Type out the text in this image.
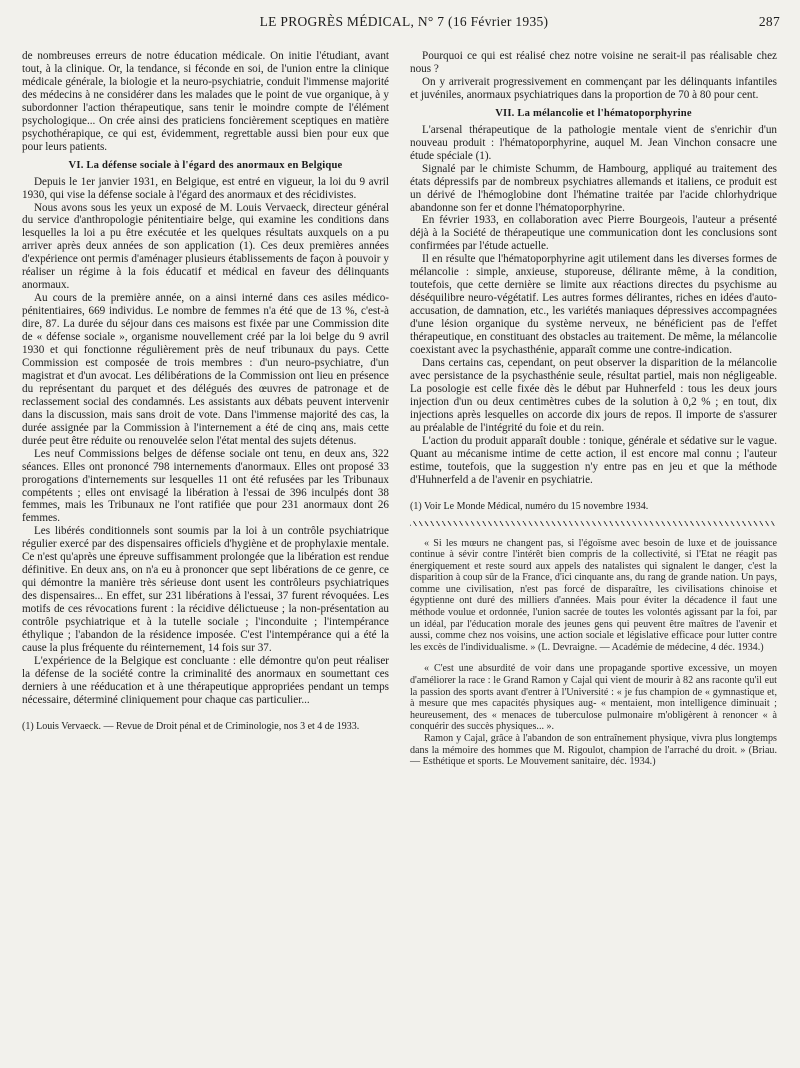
LE PROGRÈS MÉDICAL, N° 7 (16 Février 1935)	287

de nombreuses erreurs de notre éducation médicale. On initie l'étudiant, avant tout, à la clinique. Or, la tendance, si féconde en soi, de l'union entre la clinique médicale générale, la biologie et la neuro-psychiatrie, conduit l'immense majorité des médecins à ne considérer dans les malades que le point de vue organique, à y subordonner l'action thérapeutique, sans tenir le moindre compte de l'élément psychologique... On crée ainsi des praticiens foncièrement sceptiques en matière psychothérapique, ce qui est, évidemment, regrettable aussi bien pour eux que pour leurs patients.

VI. La défense sociale à l'égard des anormaux en Belgique

Depuis le 1er janvier 1931, en Belgique, est entré en vigueur, la loi du 9 avril 1930, qui vise la défense sociale à l'égard des anormaux et des récidivistes.

Nous avons sous les yeux un exposé de M. Louis Vervaeck, directeur général du service d'anthropologie pénitentiaire belge, qui examine les conditions dans lesquelles la loi a pu être exécutée et les quelques résultats auxquels on a pu arriver après deux années de son application (1). Ces deux premières années d'expérience ont permis d'aménager plusieurs établissements de façon à pouvoir y réaliser un régime à la fois éducatif et médical en faveur des délinquants anormaux.

Au cours de la première année, on a ainsi interné dans ces asiles médico-pénitentiaires, 669 individus. Le nombre de femmes n'a été que de 13 %, c'est-à dire, 87. La durée du séjour dans ces maisons est fixée par une Commission dite de « défense sociale », organisme nouvellement créé par la loi belge du 9 avril 1930 et qui fonctionne régulièrement près de neuf tribunaux du pays. Cette Commission est composée de trois membres : d'un neuro-psychiatre, d'un magistrat et d'un avocat. Les délibérations de la Commission ont lieu en présence du représentant du parquet et des délégués des œuvres de patronage et de reclassement social des condamnés. Les assistants aux débats peuvent intervenir dans la discussion, mais sans droit de vote. Dans l'immense majorité des cas, la durée assignée par la Commission à l'internement a été de cinq ans, mais cette durée peut être réduite ou renouvelée selon l'état mental des sujets détenus.

Les neuf Commissions belges de défense sociale ont tenu, en deux ans, 322 séances. Elles ont prononcé 798 internements d'anormaux. Elles ont proposé 33 prorogations d'internements sur lesquelles 11 ont été refusées par les Tribunaux compétents ; elles ont envisagé la libération à l'essai de 396 inculpés dont 38 femmes, mais les Tribunaux ne l'ont ratifiée que pour 231 anormaux dont 26 femmes.

Les libérés conditionnels sont soumis par la loi à un contrôle psychiatrique régulier exercé par des dispensaires officiels d'hygiène et de prophylaxie mentale. Ce n'est qu'après une épreuve suffisamment prolongée que la libération est rendue définitive. En deux ans, on n'a eu à prononcer que sept libérations de ce genre, ce qui démontre la manière très sérieuse dont usent les contrôleurs psychiatriques des dispensaires... En effet, sur 231 libérations à l'essai, 37 furent révoquées. Les motifs de ces révocations furent : la récidive délictueuse ; la non-présentation au contrôle psychiatrique et à la tutelle sociale ; l'inconduite ; l'intempérance éthylique ; l'abandon de la résidence imposée. C'est l'intempérance qui a été la cause la plus fréquente du réinternement, 14 fois sur 37.

L'expérience de la Belgique est concluante : elle démontre qu'on peut réaliser la défense de la société contre la criminalité des anormaux en soumettant ces derniers à une rééducation et à une thérapeutique appropriées pendant un temps nécessaire, déterminé cliniquement pour chaque cas particulier...

(1) Louis Vervaeck. — Revue de Droit pénal et de Criminologie, nos 3 et 4 de 1933.

Pourquoi ce qui est réalisé chez notre voisine ne serait-il pas réalisable chez nous ?

On y arriverait progressivement en commençant par les délinquants infantiles et juvéniles, anormaux psychiatriques dans la proportion de 70 à 80 pour cent.

VII. La mélancolie et l'hématoporphyrine

L'arsenal thérapeutique de la pathologie mentale vient de s'enrichir d'un nouveau produit : l'hématoporphyrine, auquel M. Jean Vinchon consacre une étude spéciale (1).

Signalé par le chimiste Schumm, de Hambourg, appliqué au traitement des états dépressifs par de nombreux psychiatres allemands et italiens, ce produit est un dérivé de l'hémoglobine dont l'hématine traitée par l'acide chlorhydrique abandonne son fer et donne l'hématoporphyrine.

En février 1933, en collaboration avec Pierre Bourgeois, l'auteur a présenté déjà à la Société de thérapeutique une communication dont les conclusions sont confirmées par l'étude actuelle.

Il en résulte que l'hématoporphyrine agit utilement dans les diverses formes de mélancolie : simple, anxieuse, stuporeuse, délirante même, à la condition, toutefois, que cette dernière se limite aux réactions directes du psychisme au déséquilibre neuro-végétatif. Les autres formes délirantes, riches en idées d'auto-accusation, de damnation, etc., les variétés maniaques dépressives accompagnées d'une lésion organique du système nerveux, ne bénéficient pas de l'effet thérapeutique, en constituant des obstacles au traitement. De même, la mélancolie coexistant avec la psychasthénie, apparaît comme une contre-indication.

Dans certains cas, cependant, on peut observer la disparition de la mélancolie avec persistance de la psychasthénie seule, résultat partiel, mais non négligeable. La posologie est celle fixée dès le début par Huhnerfeld : tous les deux jours injection d'un ou deux centimètres cubes de la solution à 0,2 % ; en tout, dix injections après lesquelles on accorde dix jours de repos. Il importe de s'assurer au préalable de l'intégrité du foie et du rein.

L'action du produit apparaît double : tonique, générale et sédative sur le vague. Quant au mécanisme intime de cette action, il est encore mal connu ; l'auteur estime, toutefois, que la suggestion n'y entre pas en jeu et que la méthode d'Huhnerfeld a de l'avenir en psychiatrie.

(1) Voir Le Monde Médical, numéro du 15 novembre 1934.

« Si les mœurs ne changent pas, si l'égoïsme avec besoin de luxe et de jouissance continue à sévir contre l'intérêt bien compris de la collectivité, si l'Etat ne réagit pas énergiquement et reste sourd aux appels des natalistes qui signalent le danger, c'est la disparition à coup sûr de la France, d'ici cinquante ans, du rang de grande nation. Un pays, comme une civilisation, n'est pas forcé de disparaître, les civilisations chinoise et égyptienne ont duré des milliers d'années. Mais pour éviter la décadence il faut une méthode voulue et ordonnée, l'union sacrée de toutes les volontés agissant par la foi, par un idéal, par l'éducation morale des jeunes gens qui peuvent être maîtres de l'avenir et aussi, comme chez nos voisins, une action sociale et législative efficace pour lutter contre les excès de l'individualisme. » (L. Devraigne. — Académie de médecine, 4 déc. 1934.)

« C'est une absurdité de voir dans une propagande sportive excessive, un moyen d'améliorer la race : le Grand Ramon y Cajal qui vient de mourir à 82 ans raconte qu'il eut la passion des sports avant d'entrer à l'Université : « je fus champion de « gymnastique et, à mesure que mes capacités physiques aug- « mentaient, mon intelligence diminuait ; heureusement, des « menaces de tuberculose pulmonaire m'obligèrent à renoncer « à conquérir des succès physiques... ».

Ramon y Cajal, grâce à l'abandon de son entraînement physique, vivra plus longtemps dans la mémoire des hommes que M. Rigoulot, champion de l'arraché du droit. » (Briau. — Esthétique et sports. Le Mouvement sanitaire, déc. 1934.)
